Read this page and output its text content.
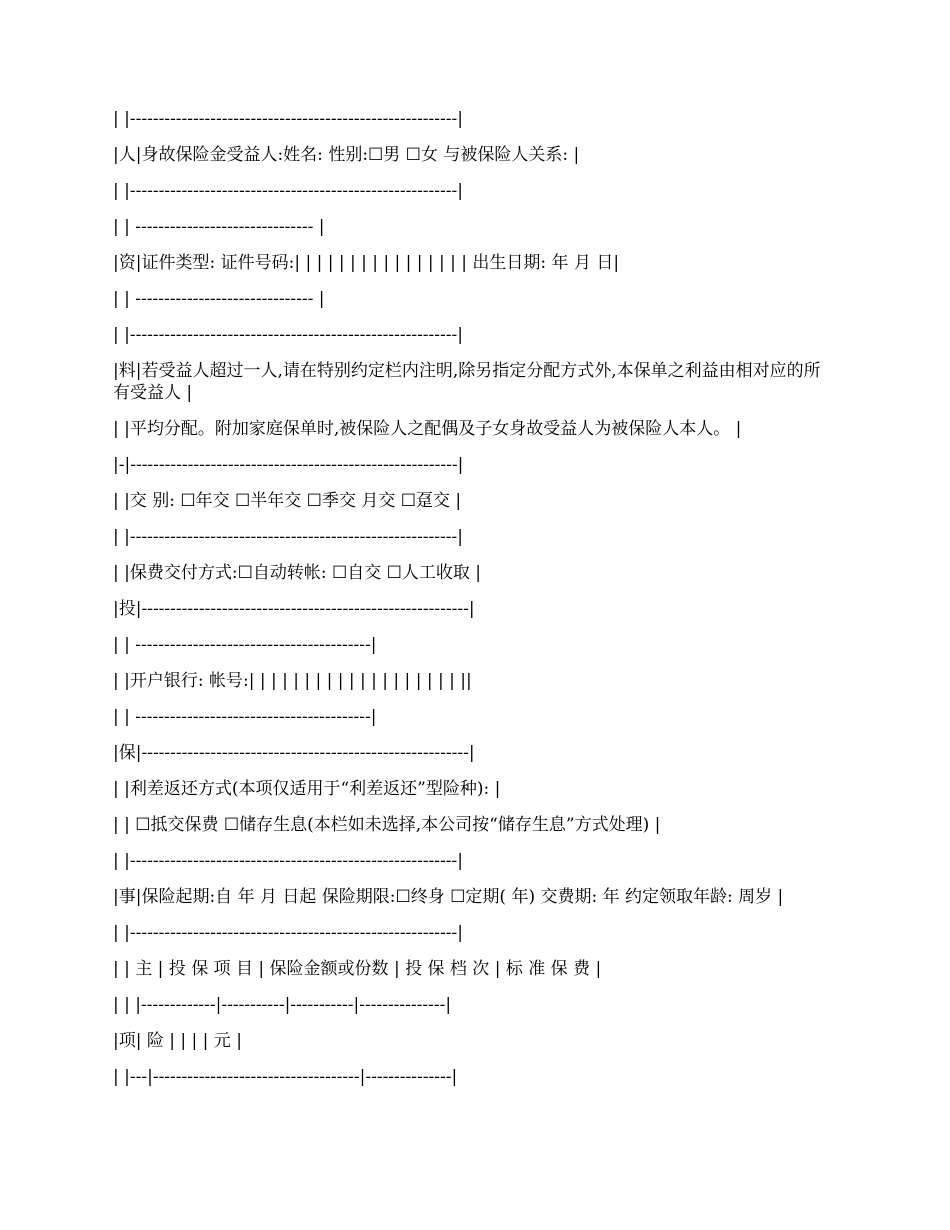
| |---------------------------------------------------------|

|人|身故保险金受益人:姓名: 性别:☐男 ☐女 与被保险人关系: |

| |---------------------------------------------------------|

| | ------------------------------- |

|资|证件类型: 证件号码:| | | | | | | | | | | | | | | | 出生日期: 年 月 日|

| | ------------------------------- |

| |---------------------------------------------------------|

|料|若受益人超过一人,请在特别约定栏内注明,除另指定分配方式外,本保单之利益由相对应的所有受益人 |

| |平均分配。附加家庭保单时,被保险人之配偶及子女身故受益人为被保险人本人。 |

|-|---------------------------------------------------------|

| |交 别: ☐年交 ☐半年交 ☐季交 月交 ☐趸交 |

| |---------------------------------------------------------|

| |保费交付方式:☐自动转帐: ☐自交 ☐人工收取 |

|投|---------------------------------------------------------|

| | -----------------------------------------|

| |开户银行: 帐号:| | | | | | | | | | | | | | | | | | | ||

| | -----------------------------------------|

|保|---------------------------------------------------------|

| |利差返还方式(本项仅适用于“利差返还”型险种): |

| | ☐抵交保费 ☐储存生息(本栏如未选择,本公司按“储存生息”方式处理) |

| |---------------------------------------------------------|

|事|保险起期:自 年 月 日起 保险期限:☐终身 ☐定期( 年) 交费期: 年 约定领取年龄: 周岁 |

| |---------------------------------------------------------|

| | 主 | 投 保 项 目 | 保险金额或份数 | 投 保 档 次 | 标 准 保 费 |

| | |-------------|-----------|-----------|---------------|

|项| 险 | | | | 元 |

| |---|------------------------------------|---------------|
